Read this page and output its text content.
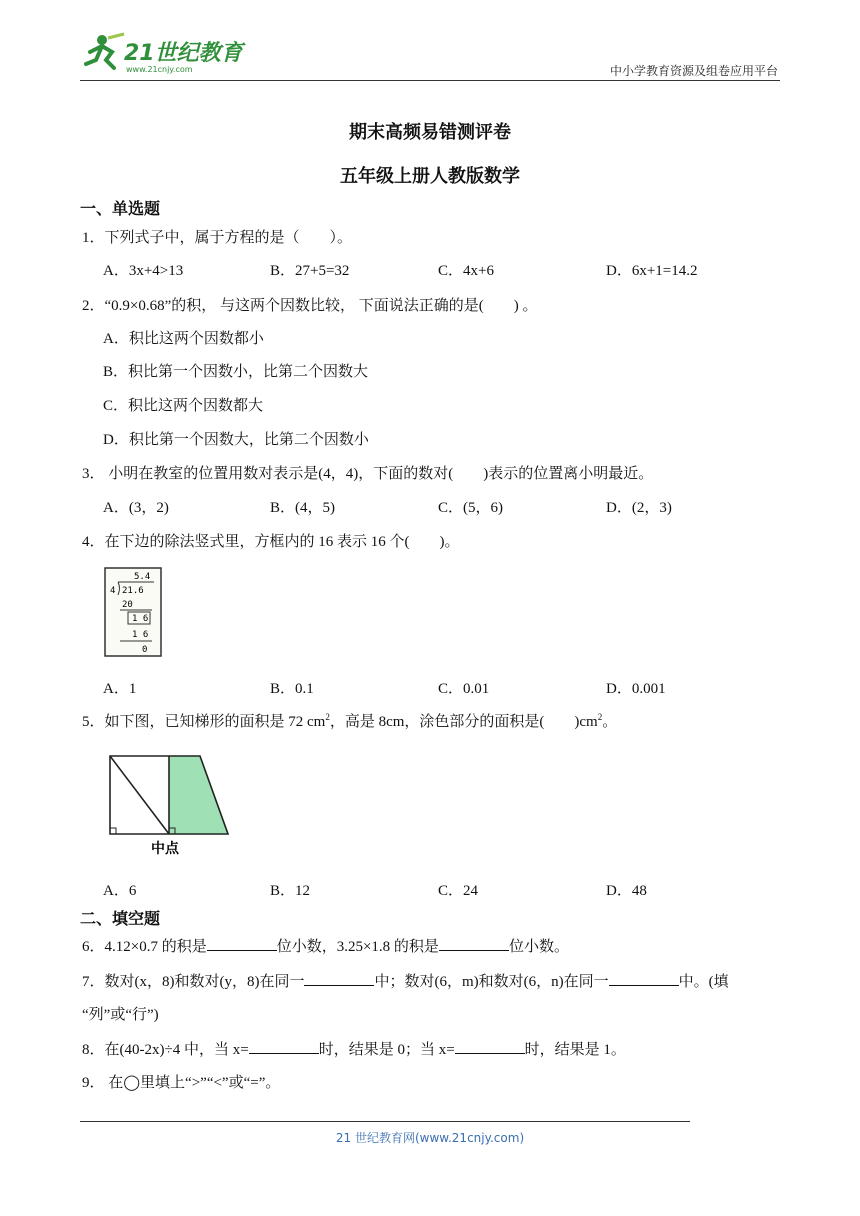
21世纪教育
www.21cnjy.com	中小学教育资源及组卷应用平台
期末高频易错测评卷
五年级上册人教版数学
一、单选题
1．下列式子中，属于方程的是（　　）。
A．3x+4>13	B．27+5=32	C．4x+6	D．6x+1=14.2
2．“0.9×0.68”的积， 与这两个因数比较， 下面说法正确的是(　　) 。
A．积比这两个因数都小
B．积比第一个因数小，比第二个因数大
C．积比这两个因数都大
D．积比第一个因数大，比第二个因数小
3． 小明在教室的位置用数对表示是(4，4)，下面的数对(　　)表示的位置离小明最近。
A．(3，2)	B．(4，5)	C．(5，6)	D．(2，3)
4．在下边的除法竖式里，方框内的 16 表示 16 个(　　)。
5.4
4 21.6
20
1 6
1 6
0
A．1	B．0.1	C．0.01	D．0.001
5．如下图，已知梯形的面积是 72 $cm^2$，高是 8cm，涂色部分的面积是(　　)$cm^2$。
中点
A．6	B．12	C．24	D．48
二、填空题
6．4.12×0.7 的积是	位小数，3.25×1.8 的积是	位小数。
7．数对(x，8)和数对(y，8)在同一	中；数对(6，m)和数对(6，n)在同一	中。(填
“列”或“行”)
8．在(40-2x)÷4 中，当 x=	时，结果是 0；当 x=	时，结果是 1。
9． 在◯里填上“>”“<”或“=”。
21 世纪教育网(www.21cnjy.com)
